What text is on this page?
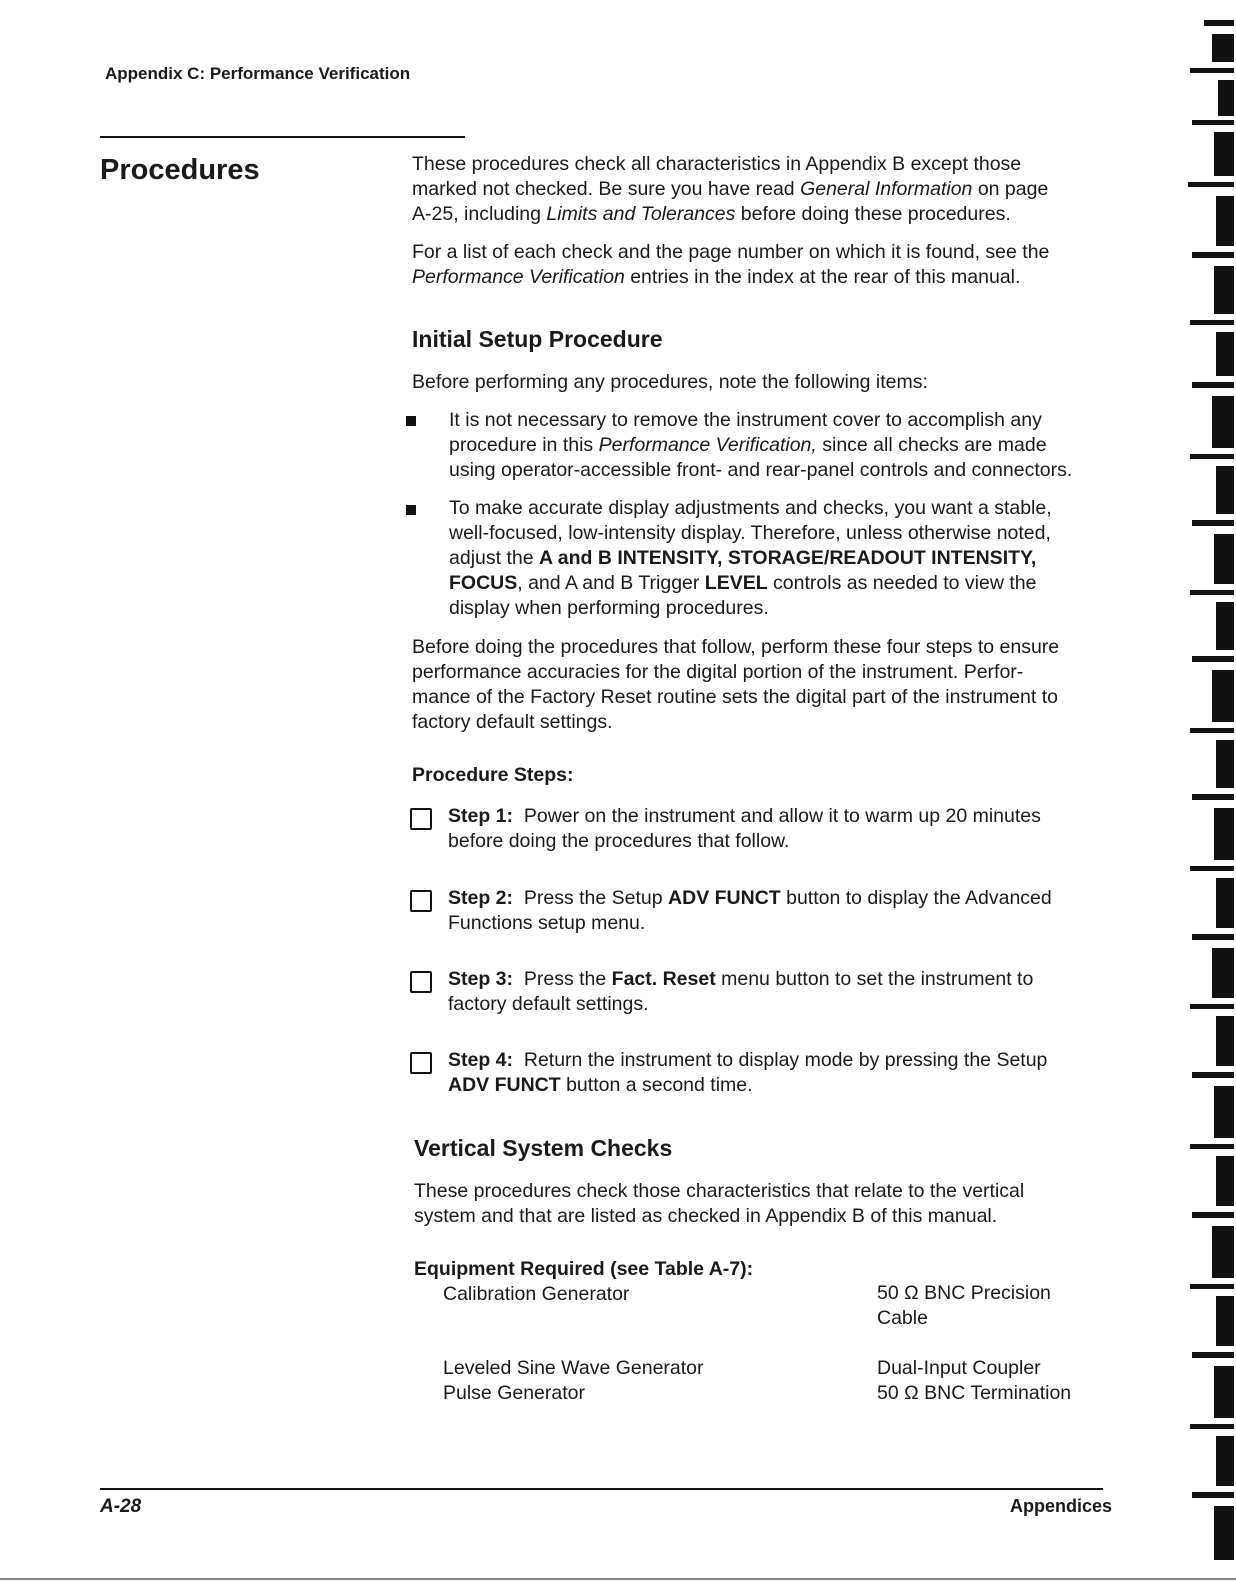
Appendix C: Performance Verification
Procedures	These procedures check all characteristics in Appendix B except those
marked not checked. Be sure you have read General Information on page
A-25, including Limits and Tolerances before doing these procedures.
For a list of each check and the page number on which it is found, see the
Performance Verification entries in the index at the rear of this manual.
Initial Setup Procedure
Before performing any procedures, note the following items:
It is not necessary to remove the instrument cover to accomplish any
procedure in this Performance Verification, since all checks are made
using operator-accessible front- and rear-panel controls and connectors.
To make accurate display adjustments and checks, you want a stable,
well-focused, low-intensity display. Therefore, unless otherwise noted,
adjust the A and B INTENSITY, STORAGE/READOUT INTENSITY,
FOCUS, and A and B Trigger LEVEL controls as needed to view the
display when performing procedures.
Before doing the procedures that follow, perform these four steps to ensure
performance accuracies for the digital portion of the instrument. Perfor-
mance of the Factory Reset routine sets the digital part of the instrument to
factory default settings.
Procedure Steps:
Step 1: Power on the instrument and allow it to warm up 20 minutes
before doing the procedures that follow.
Step 2: Press the Setup ADV FUNCT button to display the Advanced
Functions setup menu.
Step 3: Press the Fact. Reset menu button to set the instrument to
factory default settings.
Step 4: Return the instrument to display mode by pressing the Setup
ADV FUNCT button a second time.
Vertical System Checks
These procedures check those characteristics that relate to the vertical
system and that are listed as checked in Appendix B of this manual.
Equipment Required (see Table A-7):
Calibration Generator
Leveled Sine Wave Generator
Pulse Generator
50 Ω BNC Precision
Cable
Dual-Input Coupler
50 Ω BNC Termination
A-28	Appendices
